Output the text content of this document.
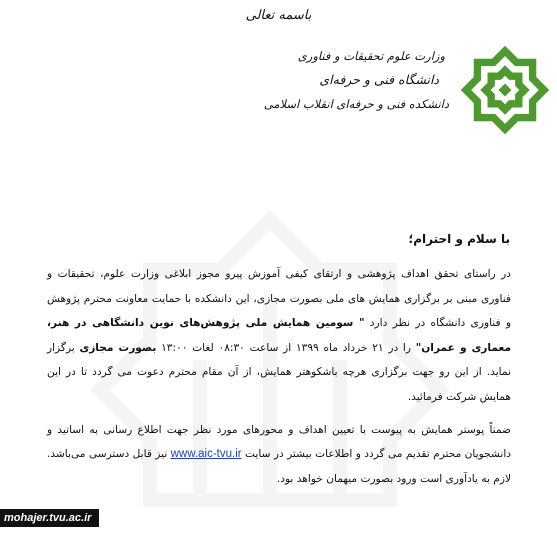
باسمه تعالی
وزارت علوم تحقیقات و فناوری
دانشگاه فنی و حرفه‌ای
دانشکده فنی و حرفه‌ای انقلاب اسلامی
با سلام و احترام؛

در راستای تحقق اهداف پژوهشی و ارتقای کیفی آموزش پیرو مجوز ابلاغی وزارت علوم، تحقیقات و فناوری مبنی بر برگزاری همایش های ملی بصورت مجازی، این دانشکده با حمایت معاونت محترم پژوهش و فناوری دانشگاه در نظر دارد " سومین همایش ملی پژوهش‌های نوین دانشگاهی در هنر، معماری و عمران" را در ۲۱ خرداد ماه ۱۳۹۹ از ساعت ۰۸:۳۰ لغات ۱۳:۰۰ بصورت مجازی برگزار نماید. از این رو جهت برگزاری هرچه باشکوهتر همایش، از آن مقام محترم دعوت می گردد تا در این همایش شرکت فرمائید.

ضمناً پوستر همایش به پیوست با تعیین اهداف و محورهای مورد نظر جهت اطلاع رسانی به اساتید و دانشجویان محترم تقدیم می گردد و اطلاعات بیشتر در سایت www.aic-tvu.ir نیز قابل دسترسی می‌باشد. لازم به یادآوری است ورود بصورت میهمان خواهد بود.

mohajer.tvu.ac.ir
